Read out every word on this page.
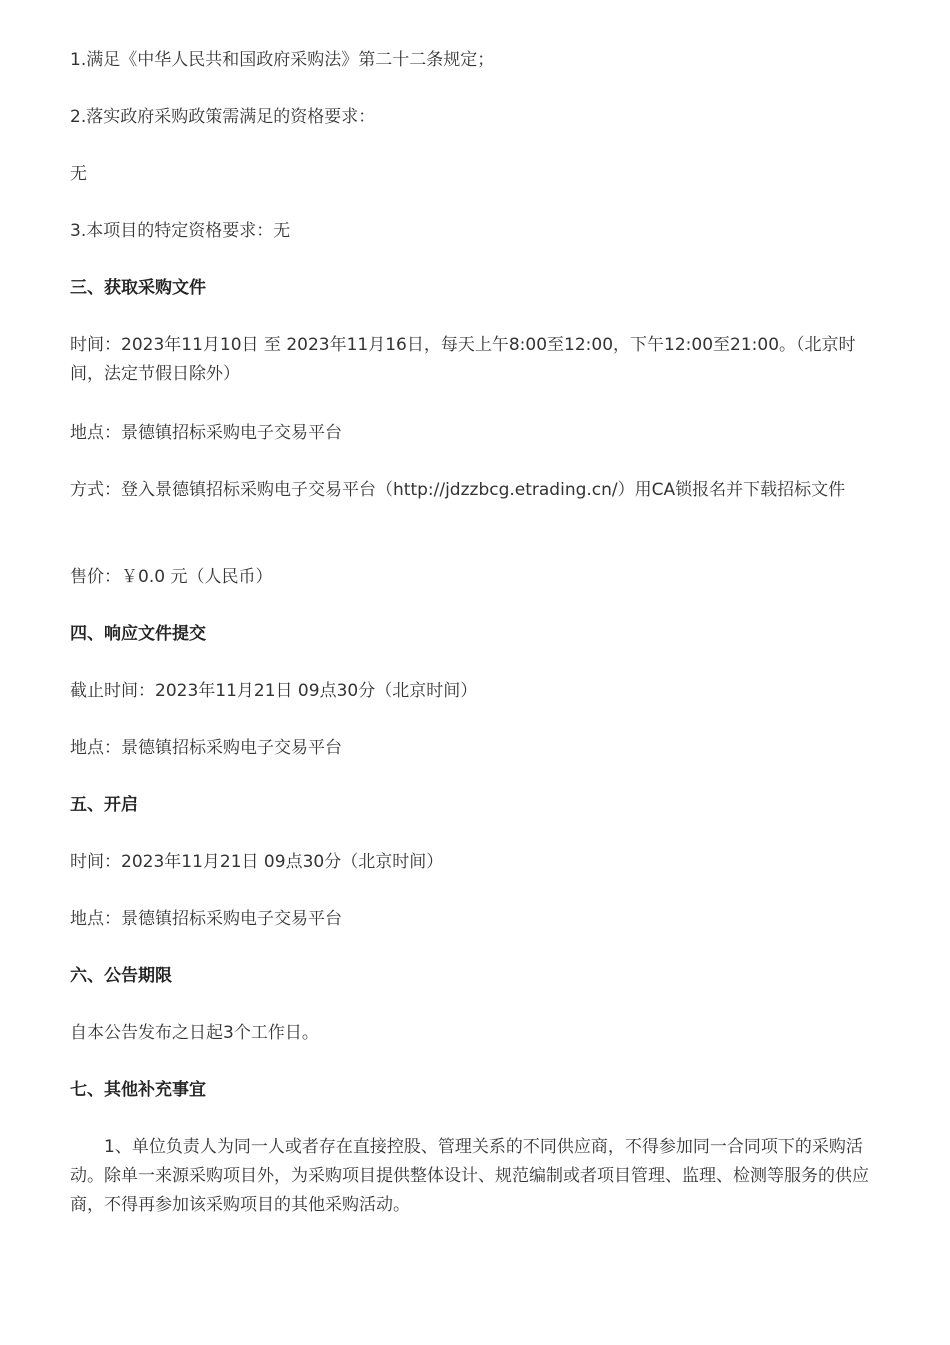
1.满足《中华人民共和国政府采购法》第二十二条规定；
2.落实政府采购政策需满足的资格要求：
无
3.本项目的特定资格要求：无
三、获取采购文件
时间：2023年11月10日 至 2023年11月16日，每天上午8:00至12:00，下午12:00至21:00。（北京时间，法定节假日除外）
地点：景德镇招标采购电子交易平台
方式：登入景德镇招标采购电子交易平台（http://jdzzbcg.etrading.cn/）用CA锁报名并下载招标文件
售价：￥0.0 元（人民币）
四、响应文件提交
截止时间：2023年11月21日 09点30分（北京时间）
地点：景德镇招标采购电子交易平台
五、开启
时间：2023年11月21日 09点30分（北京时间）
地点：景德镇招标采购电子交易平台
六、公告期限
自本公告发布之日起3个工作日。
七、其他补充事宜
1、单位负责人为同一人或者存在直接控股、管理关系的不同供应商，不得参加同一合同项下的采购活动。除单一来源采购项目外，为采购项目提供整体设计、规范编制或者项目管理、监理、检测等服务的供应商，不得再参加该采购项目的其他采购活动。
